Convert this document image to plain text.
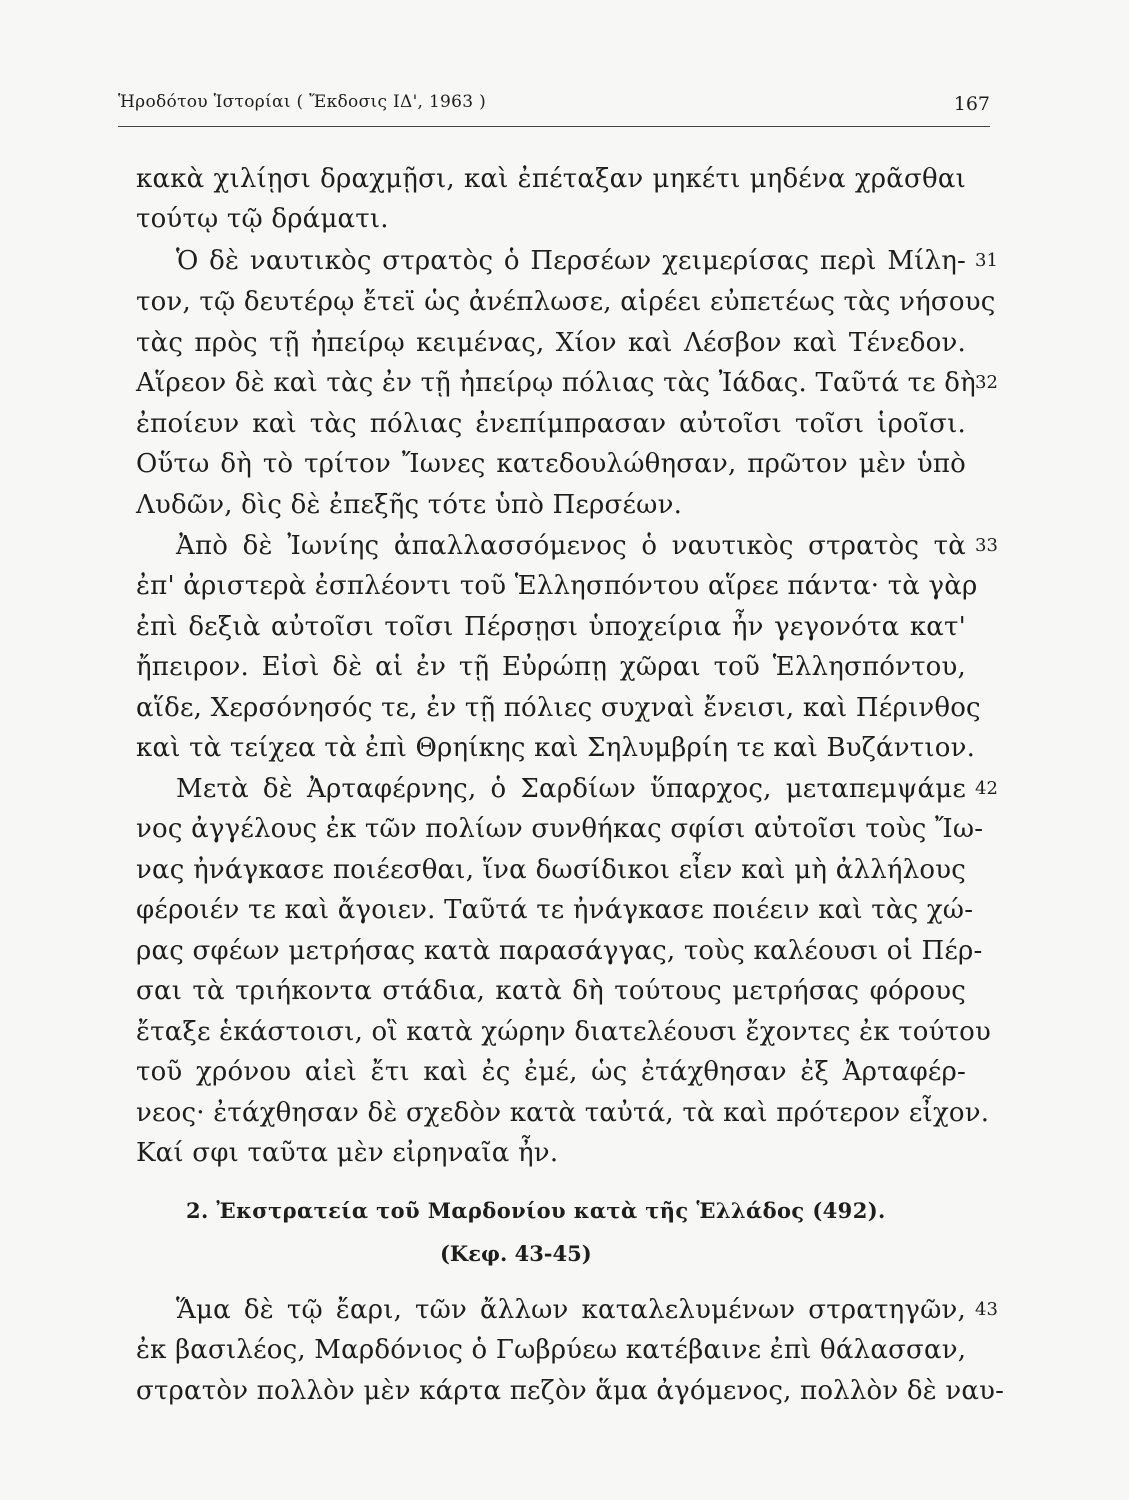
Ἡροδότου Ἱστορίαι ( Ἔκδοσις ΙΔ', 1963 )	167
κακὰ χιλίῃσι δραχμῇσι, καὶ ἐπέταξαν μηκέτι μηδένα χρᾶσθαι
τούτῳ τῷ δράματι.
Ὁ δὲ ναυτικὸς στρατὸς ὁ Περσέων χειμερίσας περὶ Μίλη- 31
τον, τῷ δευτέρῳ ἔτεϊ ὡς ἀνέπλωσε, αἱρέει εὐπετέως τὰς νήσους
τὰς πρὸς τῇ ἠπείρῳ κειμένας, Χίον καὶ Λέσβον καὶ Τένεδον.
Αἵρεον δὲ καὶ τὰς ἐν τῇ ἠπείρῳ πόλιας τὰς Ἰάδας. Ταῦτά τε δὴ 32
ἐποίευν καὶ τὰς πόλιας ἐνεπίμπρασαν αὐτοῖσι τοῖσι ἱροῖσι.
Οὕτω δὴ τὸ τρίτον Ἴωνες κατεδουλώθησαν, πρῶτον μὲν ὑπὸ
Λυδῶν, δὶς δὲ ἐπεξῆς τότε ὑπὸ Περσέων.
Ἀπὸ δὲ Ἰωνίης ἀπαλλασσόμενος ὁ ναυτικὸς στρατὸς τὰ 33
ἐπ' ἀριστερὰ ἐσπλέοντι τοῦ Ἑλλησπόντου αἵρεε πάντα· τὰ γὰρ
ἐπὶ δεξιὰ αὐτοῖσι τοῖσι Πέρσῃσι ὑποχείρια ἦν γεγονότα κατ'
ἤπειρον. Εἰσὶ δὲ αἱ ἐν τῇ Εὐρώπῃ χῶραι τοῦ Ἑλλησπόντου,
αἵδε, Χερσόνησός τε, ἐν τῇ πόλιες συχναὶ ἔνεισι, καὶ Πέρινθος
καὶ τὰ τείχεα τὰ ἐπὶ Θρηίκης καὶ Σηλυμβρίη τε καὶ Βυζάντιον.
Μετὰ δὲ Ἀρταφέρνης, ὁ Σαρδίων ὕπαρχος, μεταπεμψάμε 42
νος ἀγγέλους ἐκ τῶν πολίων συνθήκας σφίσι αὐτοῖσι τοὺς Ἴω-
νας ἠνάγκασε ποιέεσθαι, ἵνα δωσίδικοι εἶεν καὶ μὴ ἀλλήλους
φέροιέν τε καὶ ἄγοιεν. Ταῦτά τε ἠνάγκασε ποιέειν καὶ τὰς χώ-
ρας σφέων μετρήσας κατὰ παρασάγγας, τοὺς καλέουσι οἱ Πέρ-
σαι τὰ τριήκοντα στάδια, κατὰ δὴ τούτους μετρήσας φόρους
ἔταξε ἑκάστοισι, οἳ κατὰ χώρην διατελέουσι ἔχοντες ἐκ τούτου
τοῦ χρόνου αἰεὶ ἔτι καὶ ἐς ἐμέ, ὡς ἐτάχθησαν ἐξ Ἀρταφέρ-
νεος· ἐτάχθησαν δὲ σχεδὸν κατὰ ταὐτά, τὰ καὶ πρότερον εἶχον.
Καί σφι ταῦτα μὲν εἰρηναῖα ἦν.
2. Ἐκστρατεία τοῦ Μαρδονίου κατὰ τῆς Ἑλλάδος (492).
(Κεφ. 43-45)
Ἅμα δὲ τῷ ἔαρι, τῶν ἄλλων καταλελυμένων στρατηγῶν, 43
ἐκ βασιλέος, Μαρδόνιος ὁ Γωβρύεω κατέβαινε ἐπὶ θάλασσαν,
στρατὸν πολλὸν μὲν κάρτα πεζὸν ἅμα ἀγόμενος, πολλὸν δὲ ναυ-
